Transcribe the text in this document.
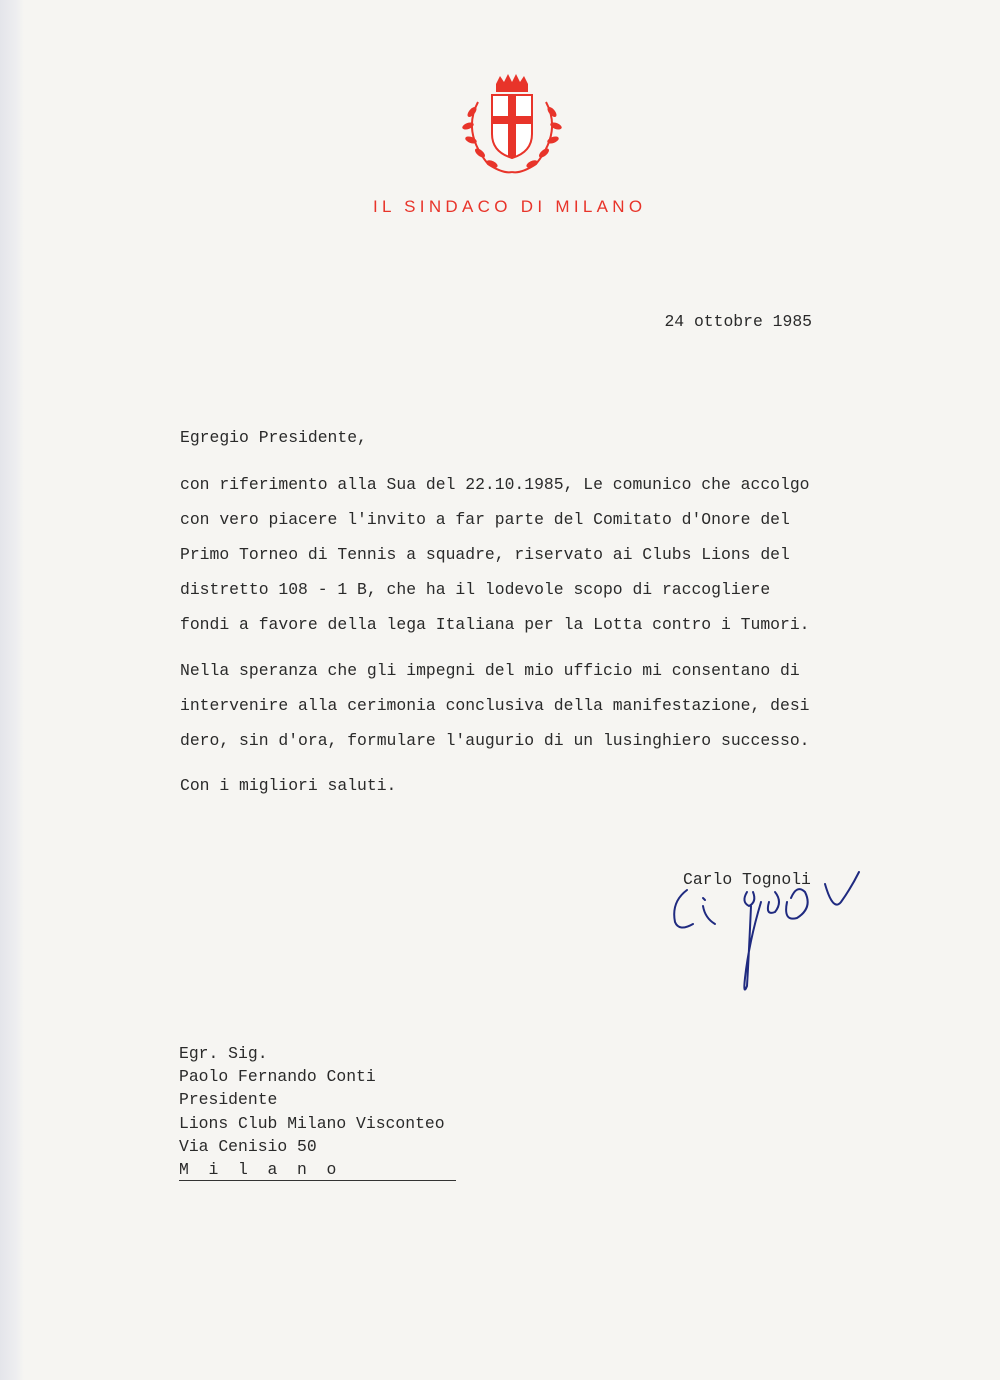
IL SINDACO DI MILANO
24 ottobre 1985
Egregio Presidente,
con riferimento alla Sua del 22.10.1985, Le comunico che accolgo
con vero piacere l'invito a far parte del Comitato d'Onore del
Primo Torneo di Tennis a squadre, riservato ai Clubs Lions del
distretto 108 - 1 B, che ha il lodevole scopo di raccogliere
fondi a favore della lega Italiana per la Lotta contro i Tumori.
Nella speranza che gli impegni del mio ufficio mi consentano di
intervenire alla cerimonia conclusiva della manifestazione, desi
dero, sin d'ora, formulare l'augurio di un lusinghiero successo.
Con i migliori saluti.
Carlo Tognoli
Egr. Sig.
Paolo Fernando Conti
Presidente
Lions Club Milano Visconteo
Via Cenisio 50
M  i  l  a  n  o
